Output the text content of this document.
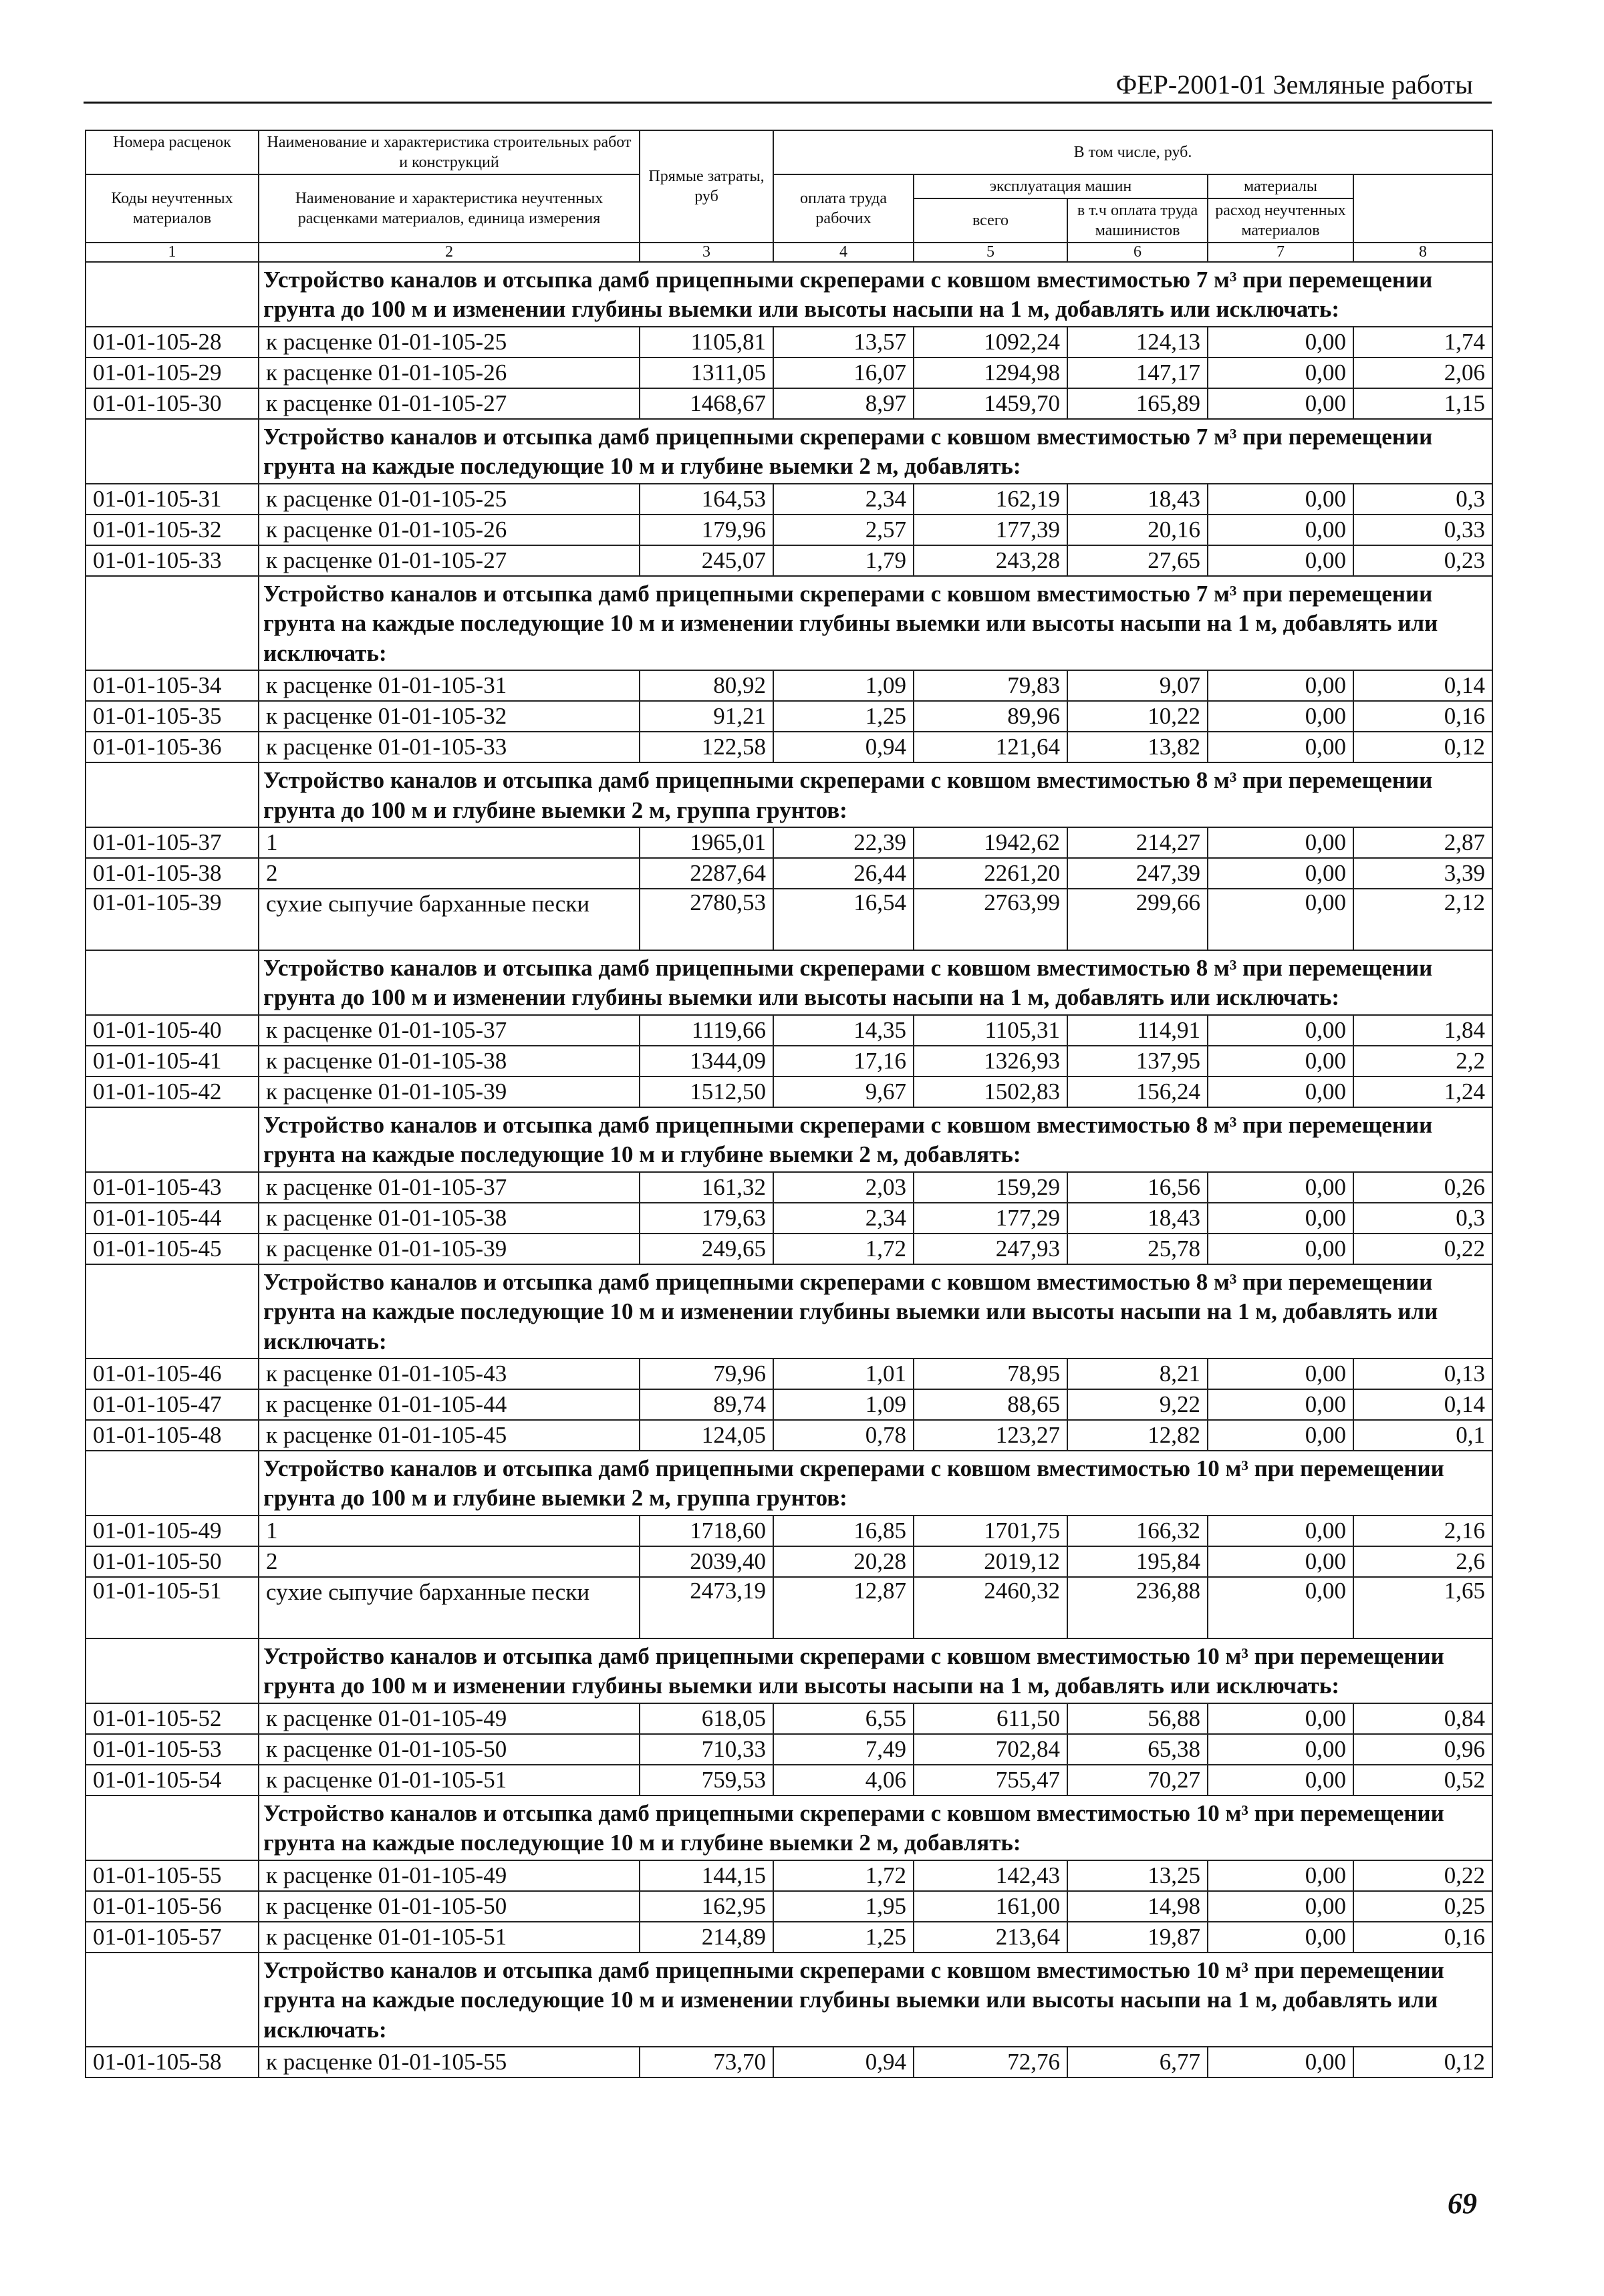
ФЕР-2001-01 Земляные работы
Номера расценок	Наименование и характеристика строительных работ и конструкций	Прямые затраты, руб	В том числе, руб.	
Коды неучтенных материалов	Наименование и характеристика неучтенных расценками материалов, единица измерения		оплата труда рабочих	эксплуатация машин		материалы		
				всего	в т.ч оплата труда машинистов	расход неучтенных материалов		
1	2	3	4	5	6	7	8	
	Устройство каналов и отсыпка дамб прицепными скреперами с ковшом вместимостью 7 м³ при перемещении грунта до 100 м и изменении глубины выемки или высоты насыпи на 1 м, добавлять или исключать:							
01-01-105-28	к расценке 01-01-105-25	1105,81	13,57	1092,24	124,13	0,00	1,74	
01-01-105-29	к расценке 01-01-105-26	1311,05	16,07	1294,98	147,17	0,00	2,06	
01-01-105-30	к расценке 01-01-105-27	1468,67	8,97	1459,70	165,89	0,00	1,15	
	Устройство каналов и отсыпка дамб прицепными скреперами с ковшом вместимостью 7 м³ при перемещении грунта на каждые последующие 10 м и глубине выемки 2 м, добавлять:							
01-01-105-31	к расценке 01-01-105-25	164,53	2,34	162,19	18,43	0,00	0,3	
01-01-105-32	к расценке 01-01-105-26	179,96	2,57	177,39	20,16	0,00	0,33	
01-01-105-33	к расценке 01-01-105-27	245,07	1,79	243,28	27,65	0,00	0,23	
	Устройство каналов и отсыпка дамб прицепными скреперами с ковшом вместимостью 7 м³ при перемещении грунта на каждые последующие 10 м и изменении глубины выемки или высоты насыпи на 1 м, добавлять или исключать:							
01-01-105-34	к расценке 01-01-105-31	80,92	1,09	79,83	9,07	0,00	0,14	
01-01-105-35	к расценке 01-01-105-32	91,21	1,25	89,96	10,22	0,00	0,16	
01-01-105-36	к расценке 01-01-105-33	122,58	0,94	121,64	13,82	0,00	0,12	
	Устройство каналов и отсыпка дамб прицепными скреперами с ковшом вместимостью 8 м³ при перемещении грунта до 100 м и глубине выемки 2 м, группа грунтов:							
01-01-105-37	1	1965,01	22,39	1942,62	214,27	0,00	2,87	
01-01-105-38	2	2287,64	26,44	2261,20	247,39	0,00	3,39	
01-01-105-39	сухие сыпучие барханные пески	2780,53	16,54	2763,99	299,66	0,00	2,12	
	Устройство каналов и отсыпка дамб прицепными скреперами с ковшом вместимостью 8 м³ при перемещении грунта до 100 м и изменении глубины выемки или высоты насыпи на 1 м, добавлять или исключать:							
01-01-105-40	к расценке 01-01-105-37	1119,66	14,35	1105,31	114,91	0,00	1,84	
01-01-105-41	к расценке 01-01-105-38	1344,09	17,16	1326,93	137,95	0,00	2,2	
01-01-105-42	к расценке 01-01-105-39	1512,50	9,67	1502,83	156,24	0,00	1,24	
	Устройство каналов и отсыпка дамб прицепными скреперами с ковшом вместимостью 8 м³ при перемещении грунта на каждые последующие 10 м и глубине выемки 2 м, добавлять:							
01-01-105-43	к расценке 01-01-105-37	161,32	2,03	159,29	16,56	0,00	0,26	
01-01-105-44	к расценке 01-01-105-38	179,63	2,34	177,29	18,43	0,00	0,3	
01-01-105-45	к расценке 01-01-105-39	249,65	1,72	247,93	25,78	0,00	0,22	
	Устройство каналов и отсыпка дамб прицепными скреперами с ковшом вместимостью 8 м³ при перемещении грунта на каждые последующие 10 м и изменении глубины выемки или высоты насыпи на 1 м, добавлять или исключать:							
01-01-105-46	к расценке 01-01-105-43	79,96	1,01	78,95	8,21	0,00	0,13	
01-01-105-47	к расценке 01-01-105-44	89,74	1,09	88,65	9,22	0,00	0,14	
01-01-105-48	к расценке 01-01-105-45	124,05	0,78	123,27	12,82	0,00	0,1	
	Устройство каналов и отсыпка дамб прицепными скреперами с ковшом вместимостью 10 м³ при перемещении грунта до 100 м и глубине выемки 2 м, группа грунтов:							
01-01-105-49	1	1718,60	16,85	1701,75	166,32	0,00	2,16	
01-01-105-50	2	2039,40	20,28	2019,12	195,84	0,00	2,6	
01-01-105-51	сухие сыпучие барханные пески	2473,19	12,87	2460,32	236,88	0,00	1,65	
	Устройство каналов и отсыпка дамб прицепными скреперами с ковшом вместимостью 10 м³ при перемещении грунта до 100 м и изменении глубины выемки или высоты насыпи на 1 м, добавлять или исключать:							
01-01-105-52	к расценке 01-01-105-49	618,05	6,55	611,50	56,88	0,00	0,84	
01-01-105-53	к расценке 01-01-105-50	710,33	7,49	702,84	65,38	0,00	0,96	
01-01-105-54	к расценке 01-01-105-51	759,53	4,06	755,47	70,27	0,00	0,52	
	Устройство каналов и отсыпка дамб прицепными скреперами с ковшом вместимостью 10 м³ при перемещении грунта на каждые последующие 10 м и глубине выемки 2 м, добавлять:							
01-01-105-55	к расценке 01-01-105-49	144,15	1,72	142,43	13,25	0,00	0,22	
01-01-105-56	к расценке 01-01-105-50	162,95	1,95	161,00	14,98	0,00	0,25	
01-01-105-57	к расценке 01-01-105-51	214,89	1,25	213,64	19,87	0,00	0,16	
	Устройство каналов и отсыпка дамб прицепными скреперами с ковшом вместимостью 10 м³ при перемещении грунта на каждые последующие 10 м и изменении глубины выемки или высоты насыпи на 1 м, добавлять или исключать:							
01-01-105-58	к расценке 01-01-105-55	73,70	0,94	72,76	6,77	0,00	0,12	
69
